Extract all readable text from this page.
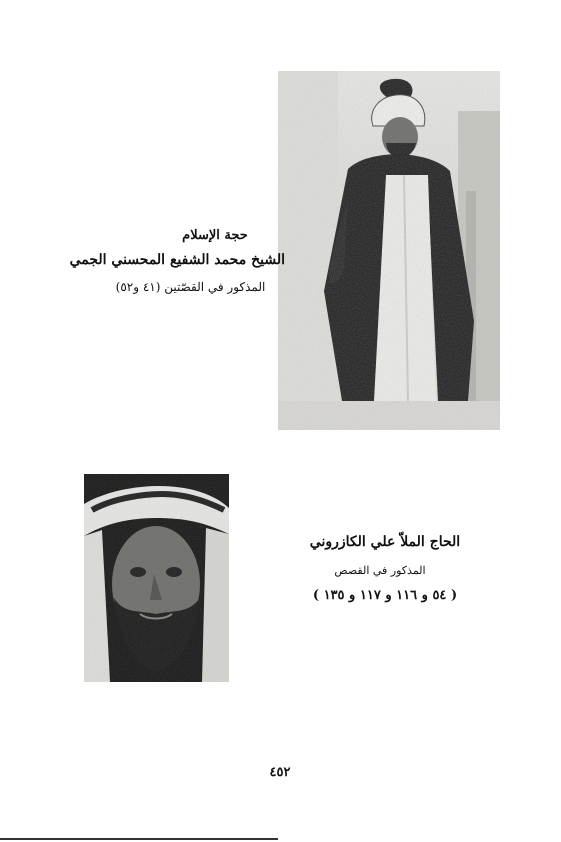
حجة الإسلام
الشيخ محمد الشفيع المحسني الجمي
المذكور في القصّتين (٤١ و٥٢)
الحاج الملاّ علي الكازروني
المذكور في القصص
( ٥٤ و ١١٦ و ١١٧ و ١٣٥ )
٤٥٢
